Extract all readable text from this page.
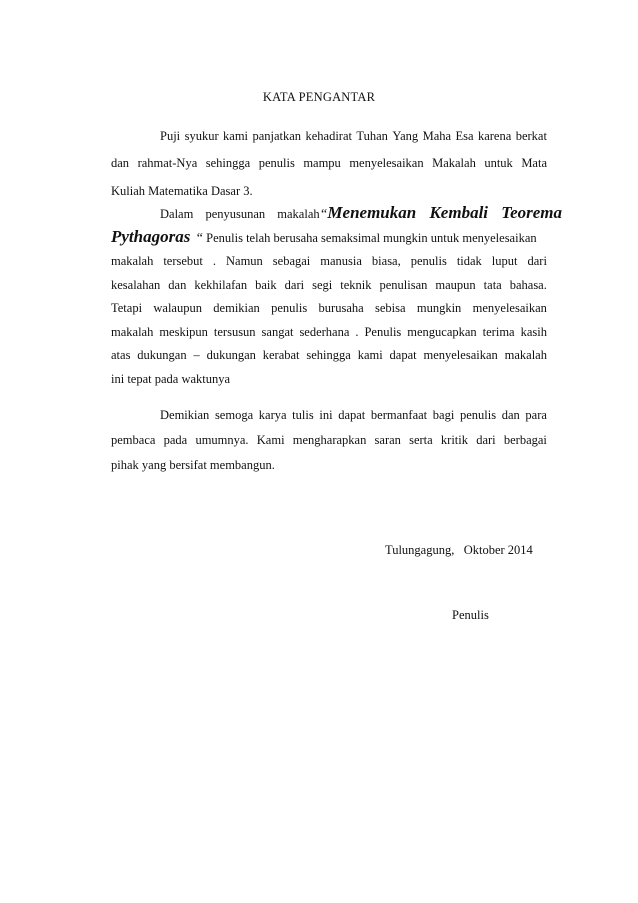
KATA PENGANTAR
Puji syukur kami panjatkan kehadirat Tuhan Yang Maha Esa karena berkat
dan rahmat-Nya sehingga penulis mampu menyelesaikan Makalah untuk Mata
Kuliah Matematika Dasar 3.
Dalam penyusunan makalah “ Menemukan Kembali Teorema
Pythagoras “ Penulis telah berusaha semaksimal mungkin untuk menyelesaikan
makalah tersebut . Namun sebagai manusia biasa, penulis tidak luput dari
kesalahan dan kekhilafan baik dari segi teknik penulisan maupun tata bahasa.
Tetapi walaupun demikian penulis burusaha sebisa mungkin menyelesaikan
makalah meskipun tersusun sangat sederhana . Penulis mengucapkan terima kasih
atas dukungan – dukungan kerabat sehingga kami dapat menyelesaikan makalah
ini tepat pada waktunya
Demikian semoga karya tulis ini dapat bermanfaat bagi penulis dan para
pembaca pada umumnya. Kami mengharapkan saran serta kritik dari berbagai
pihak yang bersifat membangun.
Tulungagung,   Oktober 2014
Penulis
